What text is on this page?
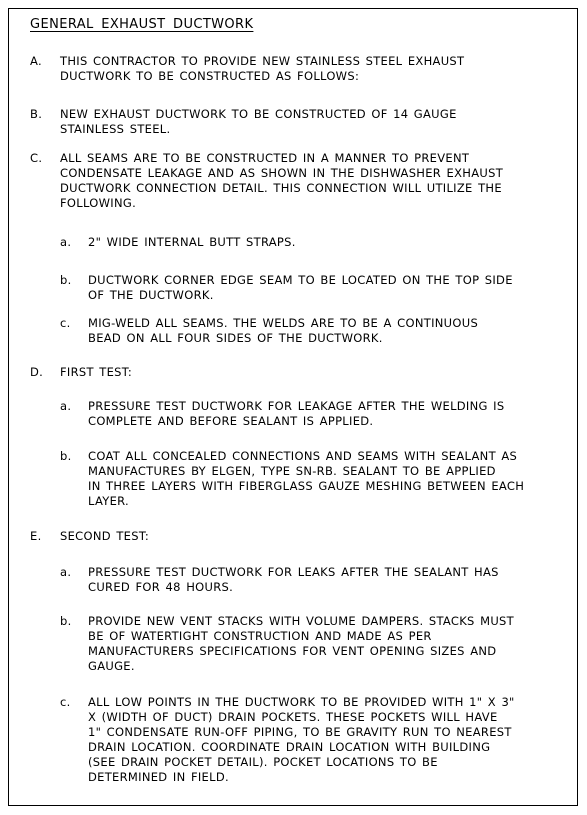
GENERAL EXHAUST DUCTWORK
A.	THIS CONTRACTOR TO PROVIDE NEW STAINLESS STEEL EXHAUST
DUCTWORK TO BE CONSTRUCTED AS FOLLOWS:
B.	NEW EXHAUST DUCTWORK TO BE CONSTRUCTED OF 14 GAUGE
STAINLESS STEEL.
C.	ALL SEAMS ARE TO BE CONSTRUCTED IN A MANNER TO PREVENT
CONDENSATE LEAKAGE AND AS SHOWN IN THE DISHWASHER EXHAUST
DUCTWORK CONNECTION DETAIL. THIS CONNECTION WILL UTILIZE THE
FOLLOWING.
a. 2" WIDE INTERNAL BUTT STRAPS.
b. DUCTWORK CORNER EDGE SEAM TO BE LOCATED ON THE TOP SIDE
OF THE DUCTWORK.
c. MIG-WELD ALL SEAMS. THE WELDS ARE TO BE A CONTINUOUS
BEAD ON ALL FOUR SIDES OF THE DUCTWORK.
D.	FIRST TEST:
a. PRESSURE TEST DUCTWORK FOR LEAKAGE AFTER THE WELDING IS
COMPLETE AND BEFORE SEALANT IS APPLIED.
b. COAT ALL CONCEALED CONNECTIONS AND SEAMS WITH SEALANT AS
MANUFACTURES BY ELGEN, TYPE SN-RB. SEALANT TO BE APPLIED
IN THREE LAYERS WITH FIBERGLASS GAUZE MESHING BETWEEN EACH
LAYER.
E.	SECOND TEST:
a. PRESSURE TEST DUCTWORK FOR LEAKS AFTER THE SEALANT HAS
CURED FOR 48 HOURS.
b. PROVIDE NEW VENT STACKS WITH VOLUME DAMPERS. STACKS MUST
BE OF WATERTIGHT CONSTRUCTION AND MADE AS PER
MANUFACTURERS SPECIFICATIONS FOR VENT OPENING SIZES AND
GAUGE.
c. ALL LOW POINTS IN THE DUCTWORK TO BE PROVIDED WITH 1" X 3"
X (WIDTH OF DUCT) DRAIN POCKETS. THESE POCKETS WILL HAVE
1" CONDENSATE RUN-OFF PIPING, TO BE GRAVITY RUN TO NEAREST
DRAIN LOCATION. COORDINATE DRAIN LOCATION WITH BUILDING
(SEE DRAIN POCKET DETAIL). POCKET LOCATIONS TO BE
DETERMINED IN FIELD.
